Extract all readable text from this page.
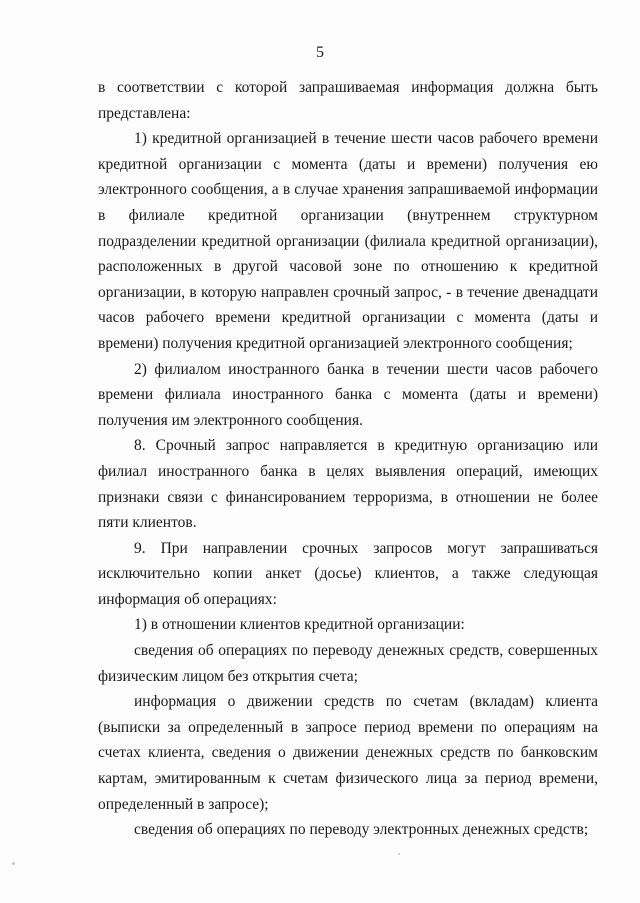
5

в соответствии с которой запрашиваемая информация должна быть представлена:

1) кредитной организацией в течение шести часов рабочего времени кредитной организации с момента (даты и времени) получения ею электронного сообщения, а в случае хранения запрашиваемой информации в филиале кредитной организации (внутреннем структурном подразделении кредитной организации (филиала кредитной организации), расположенных в другой часовой зоне по отношению к кредитной организации, в которую направлен срочный запрос, - в течение двенадцати часов рабочего времени кредитной организации с момента (даты и времени) получения кредитной организацией электронного сообщения;

2) филиалом иностранного банка в течении шести часов рабочего времени филиала иностранного банка с момента (даты и времени) получения им электронного сообщения.

8. Срочный запрос направляется в кредитную организацию или филиал иностранного банка в целях выявления операций, имеющих признаки связи с финансированием терроризма, в отношении не более пяти клиентов.

9. При направлении срочных запросов могут запрашиваться исключительно копии анкет (досье) клиентов, а также следующая информация об операциях:

1) в отношении клиентов кредитной организации:

сведения об операциях по переводу денежных средств, совершенных физическим лицом без открытия счета;

информация о движении средств по счетам (вкладам) клиента (выписки за определенный в запросе период времени по операциям на счетах клиента, сведения о движении денежных средств по банковским картам, эмитированным к счетам физического лица за период времени, определенный в запросе);

сведения об операциях по переводу электронных денежных средств;
